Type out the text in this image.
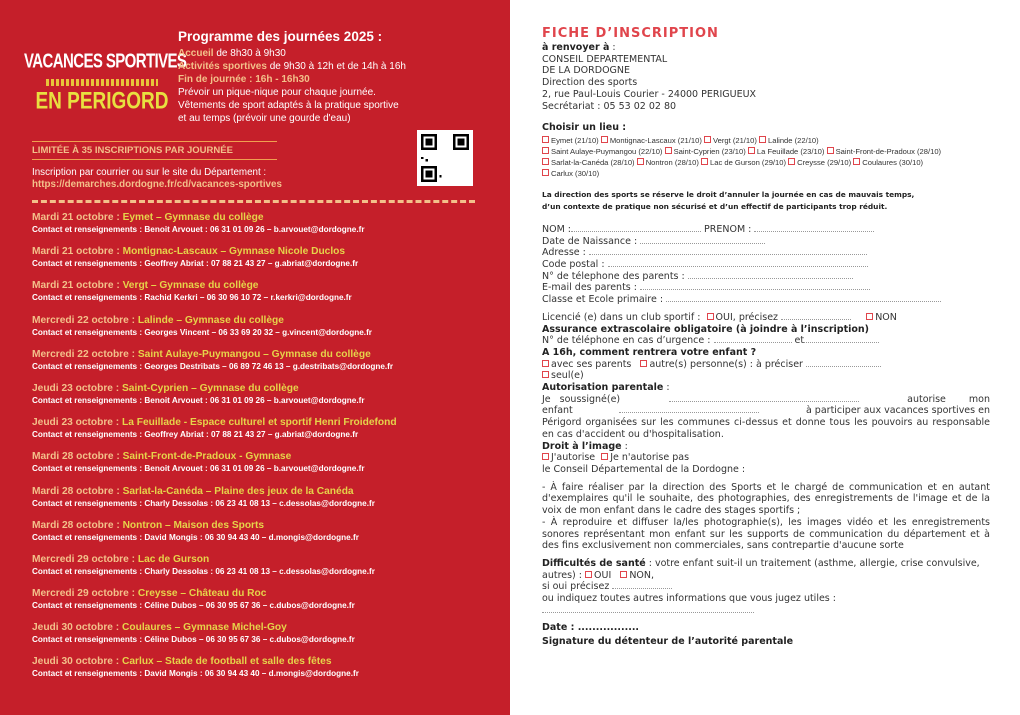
VACANCES SPORTIVES
EN PERIGORD
Programme des journées 2025 :
Accueil de 8h30 à 9h30
Activités sportives de 9h30 à 12h et de 14h à 16h
Fin de journée : 16h - 16h30
Prévoir un pique-nique pour chaque journée.
Vêtements de sport adaptés à la pratique sportive
et au temps (prévoir une gourde d'eau)
LIMITÉE À 35 INSCRIPTIONS PAR JOURNÉE
Inscription par courrier ou sur le site du Département :
https://demarches.dordogne.fr/cd/vacances-sportives
Mardi 21 octobre : Eymet – Gymnase du collège
Contact et renseignements : Benoit Arvouet : 06 31 01 09 26 – b.arvouet@dordogne.fr
Mardi 21 octobre : Montignac-Lascaux – Gymnase Nicole Duclos
Contact et renseignements : Geoffrey Abriat : 07 88 21 43 27 – g.abriat@dordogne.fr
Mardi 21 octobre : Vergt – Gymnase du collège
Contact et renseignements : Rachid Kerkri – 06 30 96 10 72 – r.kerkri@dordogne.fr
Mercredi 22 octobre : Lalinde – Gymnase du collège
Contact et renseignements : Georges Vincent – 06 33 69 20 32 – g.vincent@dordogne.fr
Mercredi 22 octobre : Saint Aulaye-Puymangou – Gymnase du collège
Contact et renseignements : Georges Destribats – 06 89 72 46 13 – g.destribats@dordogne.fr
Jeudi 23 octobre : Saint-Cyprien – Gymnase du collège
Contact et renseignements : Benoit Arvouet : 06 31 01 09 26 – b.arvouet@dordogne.fr
Jeudi 23 octobre : La Feuillade - Espace culturel et sportif Henri Froidefond
Contact et renseignements : Geoffrey Abriat : 07 88 21 43 27 – g.abriat@dordogne.fr
Mardi 28 octobre : Saint-Front-de-Pradoux - Gymnase
Contact et renseignements : Benoit Arvouet : 06 31 01 09 26 – b.arvouet@dordogne.fr
Mardi 28 octobre : Sarlat-la-Canéda – Plaine des jeux de la Canéda
Contact et renseignements : Charly Dessolas : 06 23 41 08 13 – c.dessolas@dordogne.fr
Mardi 28 octobre : Nontron – Maison des Sports
Contact et renseignements : David Mongis : 06 30 94 43 40 – d.mongis@dordogne.fr
Mercredi 29 octobre : Lac de Gurson
Contact et renseignements : Charly Dessolas : 06 23 41 08 13 – c.dessolas@dordogne.fr
Mercredi 29 octobre : Creysse – Château du Roc
Contact et renseignements : Céline Dubos – 06 30 95 67 36 – c.dubos@dordogne.fr
Jeudi 30 octobre : Coulaures – Gymnase Michel-Goy
Contact et renseignements : Céline Dubos – 06 30 95 67 36 – c.dubos@dordogne.fr
Jeudi 30 octobre : Carlux – Stade de football et salle des fêtes
Contact et renseignements : David Mongis : 06 30 94 43 40 – d.mongis@dordogne.fr
FICHE D’INSCRIPTION
à renvoyer à :
CONSEIL DEPARTEMENTAL
DE LA DORDOGNE
Direction des sports
2, rue Paul-Louis Courier - 24000 PERIGUEUX
Secrétariat : 05 53 02 02 80
Choisir un lieu :
Eymet (21/10) Montignac-Lascaux (21/10) Vergt (21/10) Lalinde (22/10)
Saint Aulaye-Puymangou (22/10) Saint-Cyprien (23/10) La Feuillade (23/10) Saint-Front-de-Pradoux (28/10)
Sarlat-la-Canéda (28/10) Nontron (28/10) Lac de Gurson (29/10) Creysse (29/10) Coulaures (30/10)
Carlux (30/10)
La direction des sports se réserve le droit d’annuler la journée en cas de mauvais temps,
d’un contexte de pratique non sécurisé et d’un effectif de participants trop réduit.
NOM :	PRENOM :
Date de Naissance :
Adresse :
Code postal :
N° de télephone des parents :
E-mail des parents :
Classe et Ecole primaire :
Licencié (e) dans un club sportif : OUI, précisez	NON
Assurance extrascolaire obligatoire (à joindre à l’inscription)
N° de téléphone en cas d’urgence :	et
A 16h, comment rentrera votre enfant ?
avec ses parents autre(s) personne(s) : à préciser
seul(e)
Autorisation parentale :
Je soussigné(e)	autorise mon
enfant	à participer aux vacances sportives en
Périgord organisées sur les communes ci-dessus et donne tous les pouvoirs au responsable en cas d'accident ou d'hospitalisation.
Droit à l’image :
J'autorise Je n'autorise pas
le Conseil Départemental de la Dordogne :
- À faire réaliser par la direction des Sports et le chargé de communication et en autant d'exemplaires qu'il le souhaite, des photographies, des enregistrements de l'image et de la voix de mon enfant dans le cadre des stages sportifs ;
- À reproduire et diffuser la/les photographie(s), les images vidéo et les enregistrements sonores représentant mon enfant sur les supports de communication du département et à des fins exclusivement non commerciales, sans contrepartie d'aucune sorte
Difficultés de santé : votre enfant suit-il un traitement (asthme, allergie, crise convulsive, autres) : OUI NON,
si oui précisez
ou indiquez toutes autres informations que vous jugez utiles :
Date : .................
Signature du détenteur de l’autorité parentale
